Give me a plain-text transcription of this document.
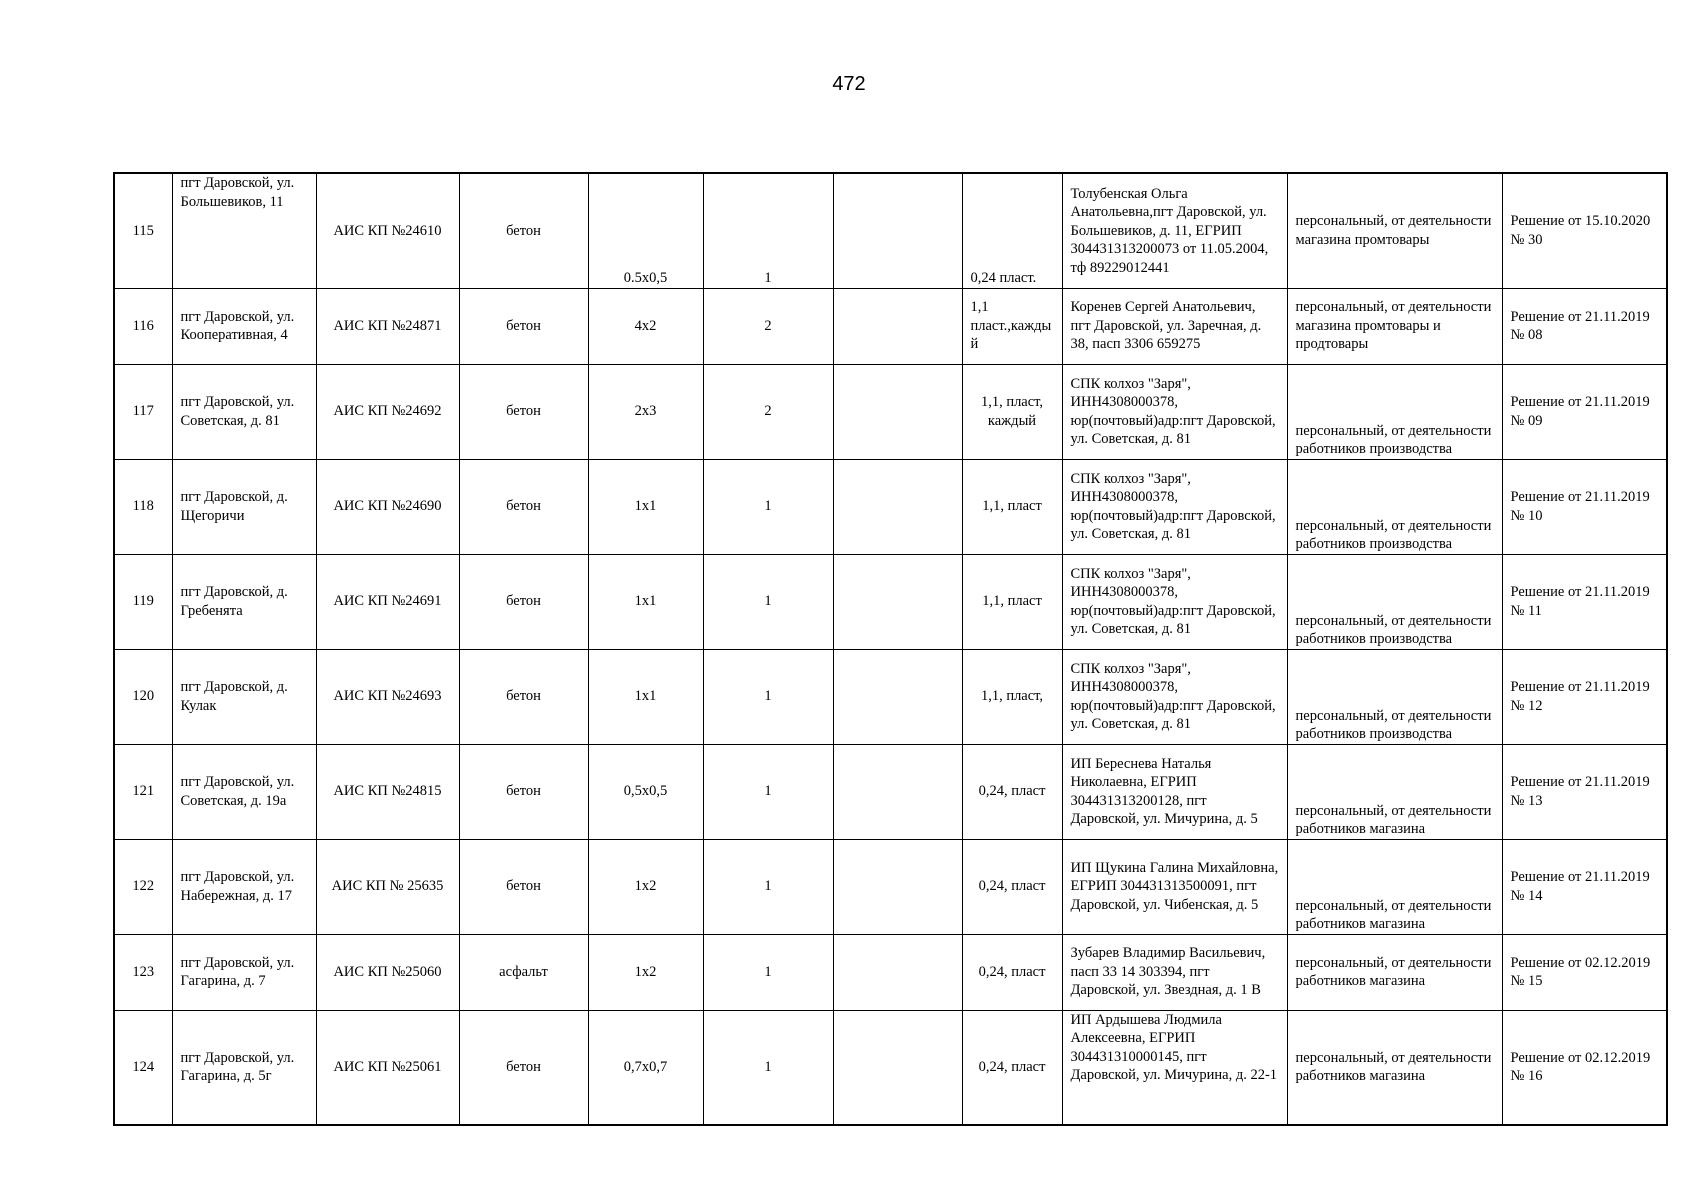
472
115	пгт Даровской, ул. Большевиков, 11	АИС КП №24610	бетон	0.5х0,5	1		0,24 пласт.	Толубенская Ольга Анатольевна,пгт Даровской, ул. Большевиков, д. 11, ЕГРИП 304431313200073 от 11.05.2004, тф 89229012441	персональный, от деятельности магазина промтовары	Решение от 15.10.2020 № 30
116	пгт Даровской, ул. Кооперативная, 4	АИС КП №24871	бетон	4х2	2		1,1 пласт.,каждый	Коренев Сергей Анатольевич, пгт Даровской, ул. Заречная, д. 38, пасп 3306 659275	персональный, от деятельности магазина промтовары и продтовары	Решение от 21.11.2019 № 08
117	пгт Даровской, ул. Советская, д. 81	АИС КП №24692	бетон	2х3	2		1,1, пласт, каждый	СПК колхоз "Заря", ИНН4308000378, юр(почтовый)адр:пгт Даровской, ул. Советская, д. 81	персональный, от деятельности работников производства	Решение от 21.11.2019 № 09
118	пгт Даровской, д. Щегоричи	АИС КП №24690	бетон	1х1	1		1,1, пласт	СПК колхоз "Заря", ИНН4308000378, юр(почтовый)адр:пгт Даровской, ул. Советская, д. 81	персональный, от деятельности работников производства	Решение от 21.11.2019 № 10
119	пгт Даровской, д. Гребенята	АИС КП №24691	бетон	1х1	1		1,1, пласт	СПК колхоз "Заря", ИНН4308000378, юр(почтовый)адр:пгт Даровской, ул. Советская, д. 81	персональный, от деятельности работников производства	Решение от 21.11.2019 № 11
120	пгт Даровской, д. Кулак	АИС КП №24693	бетон	1х1	1		1,1, пласт,	СПК колхоз "Заря", ИНН4308000378, юр(почтовый)адр:пгт Даровской, ул. Советская, д. 81	персональный, от деятельности работников производства	Решение от 21.11.2019 № 12
121	пгт Даровской, ул. Советская, д. 19а	АИС КП №24815	бетон	0,5х0,5	1		0,24, пласт	ИП Береснева Наталья Николаевна, ЕГРИП 304431313200128, пгт Даровской, ул. Мичурина, д. 5	персональный, от деятельности работников магазина	Решение от 21.11.2019 № 13
122	пгт Даровской, ул. Набережная, д. 17	АИС КП № 25635	бетон	1х2	1		0,24, пласт	ИП Щукина Галина Михайловна, ЕГРИП 304431313500091, пгт Даровской, ул. Чибенская, д. 5	персональный, от деятельности работников магазина	Решение от 21.11.2019 № 14
123	пгт Даровской, ул. Гагарина, д. 7	АИС КП №25060	асфальт	1х2	1		0,24, пласт	Зубарев Владимир Васильевич, пасп 33 14 303394, пгт Даровской, ул. Звездная, д. 1 В	персональный, от деятельности работников магазина	Решение от 02.12.2019 № 15
124	пгт Даровской, ул. Гагарина, д. 5г	АИС КП №25061	бетон	0,7х0,7	1		0,24, пласт	ИП Ардышева Людмила Алексеевна, ЕГРИП 304431310000145, пгт Даровской, ул. Мичурина, д. 22-1	персональный, от деятельности работников магазина	Решение от 02.12.2019 № 16
